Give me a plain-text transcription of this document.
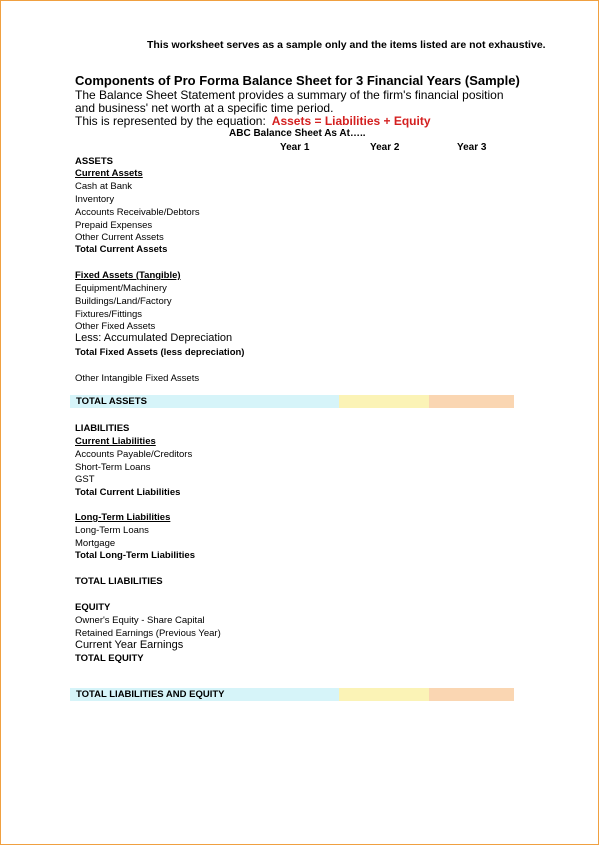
This worksheet serves as a sample only and the items listed are not exhaustive.
Components of Pro Forma Balance Sheet for 3 Financial Years (Sample)
The Balance Sheet Statement provides a summary of the firm's financial position and business' net worth at a specific time period.
This is represented by the equation: Assets = Liabilities + Equity
ABC Balance Sheet As At…..
Year 1	Year 2	Year 3
ASSETS
Current Assets
Cash at Bank
Inventory
Accounts Receivable/Debtors
Prepaid Expenses
Other Current Assets
Total Current Assets
Fixed Assets (Tangible)
Equipment/Machinery
Buildings/Land/Factory
Fixtures/Fittings
Other Fixed Assets
Less: Accumulated Depreciation
Total Fixed Assets (less depreciation)
Other Intangible Fixed Assets
TOTAL ASSETS
LIABILITIES
Current Liabilities
Accounts Payable/Creditors
Short-Term Loans
GST
Total Current Liabilities
Long-Term Liabilities
Long-Term Loans
Mortgage
Total Long-Term Liabilities
TOTAL LIABILITIES
EQUITY
Owner's Equity - Share Capital
Retained Earnings (Previous Year)
Current Year Earnings
TOTAL EQUITY
TOTAL LIABILITIES AND EQUITY
